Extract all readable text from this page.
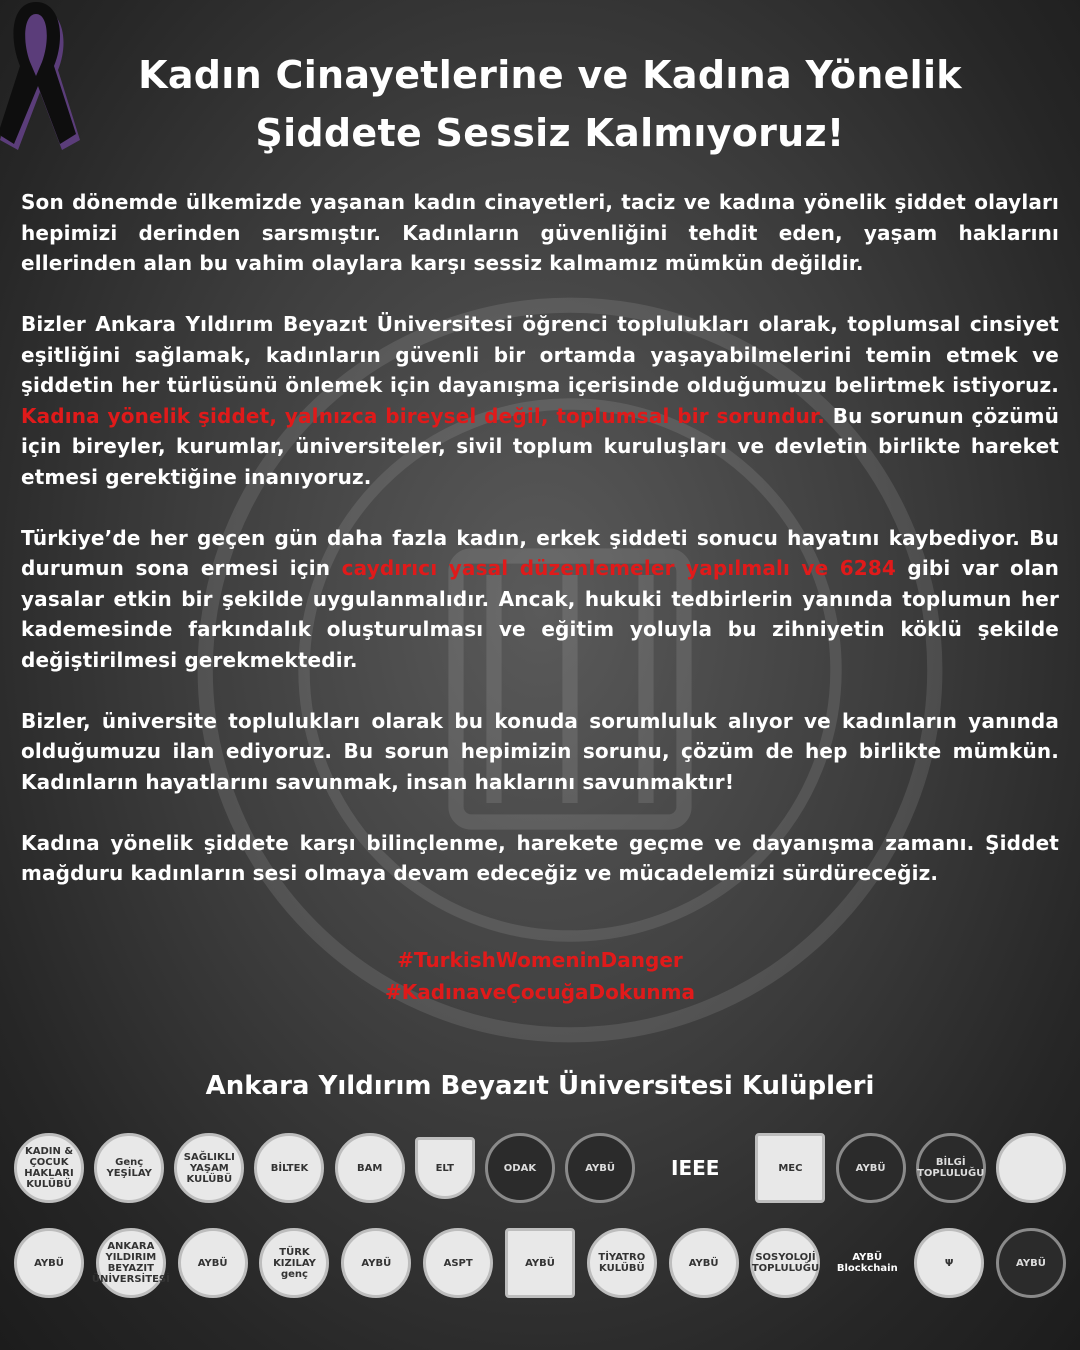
Kadın Cinayetlerine ve Kadına Yönelik
Şiddete Sessiz Kalmıyoruz!

Son dönemde ülkemizde yaşanan kadın cinayetleri, taciz ve kadına yönelik şiddet olayları hepimizi derinden sarsmıştır. Kadınların güvenliğini tehdit eden, yaşam haklarını ellerinden alan bu vahim olaylara karşı sessiz kalmamız mümkün değildir.

Bizler Ankara Yıldırım Beyazıt Üniversitesi öğrenci toplulukları olarak, toplumsal cinsiyet eşitliğini sağlamak, kadınların güvenli bir ortamda yaşayabilmelerini temin etmek ve şiddetin her türlüsünü önlemek için dayanışma içerisinde olduğumuzu belirtmek istiyoruz. Kadına yönelik şiddet, yalnızca bireysel değil, toplumsal bir sorundur. Bu sorunun çözümü için bireyler, kurumlar, üniversiteler, sivil toplum kuruluşları ve devletin birlikte hareket etmesi gerektiğine inanıyoruz.

Türkiye’de her geçen gün daha fazla kadın, erkek şiddeti sonucu hayatını kaybediyor. Bu durumun sona ermesi için caydırıcı yasal düzenlemeler yapılmalı ve 6284 gibi var olan yasalar etkin bir şekilde uygulanmalıdır. Ancak, hukuki tedbirlerin yanında toplumun her kademesinde farkındalık oluşturulması ve eğitim yoluyla bu zihniyetin köklü şekilde değiştirilmesi gerekmektedir.

Bizler, üniversite toplulukları olarak bu konuda sorumluluk alıyor ve kadınların yanında olduğumuzu ilan ediyoruz. Bu sorun hepimizin sorunu, çözüm de hep birlikte mümkün. Kadınların hayatlarını savunmak, insan haklarını savunmaktır!

Kadına yönelik şiddete karşı bilinçlenme, harekete geçme ve dayanışma zamanı. Şiddet mağduru kadınların sesi olmaya devam edeceğiz ve mücadelemizi sürdüreceğiz.

#TurkishWomeninDanger
#KadınaveÇocuğaDokunma
Ankara Yıldırım Beyazıt Üniversitesi Kulüpleri
KADIN & ÇOCUK HAKLARI KULÜBÜ
Genç YEŞİLAY
SAĞLIKLI YAŞAM KULÜBÜ
BİLTEK	BAM	ELT	ODAK	AYBÜ	IEEE	MEC	AYBÜ	BİLGİ TOPLULUĞU
AYBÜ
ANKARA YILDIRIM BEYAZIT ÜNİVERSİTESİ
AYBÜ
TÜRK KIZILAY genç
AYBÜ	ASPT	AYBÜ	TİYATRO KULÜBÜ	AYBÜ	SOSYOLOJİ TOPLULUĞU
AYBÜ Blockchain	Ψ	AYBÜ
